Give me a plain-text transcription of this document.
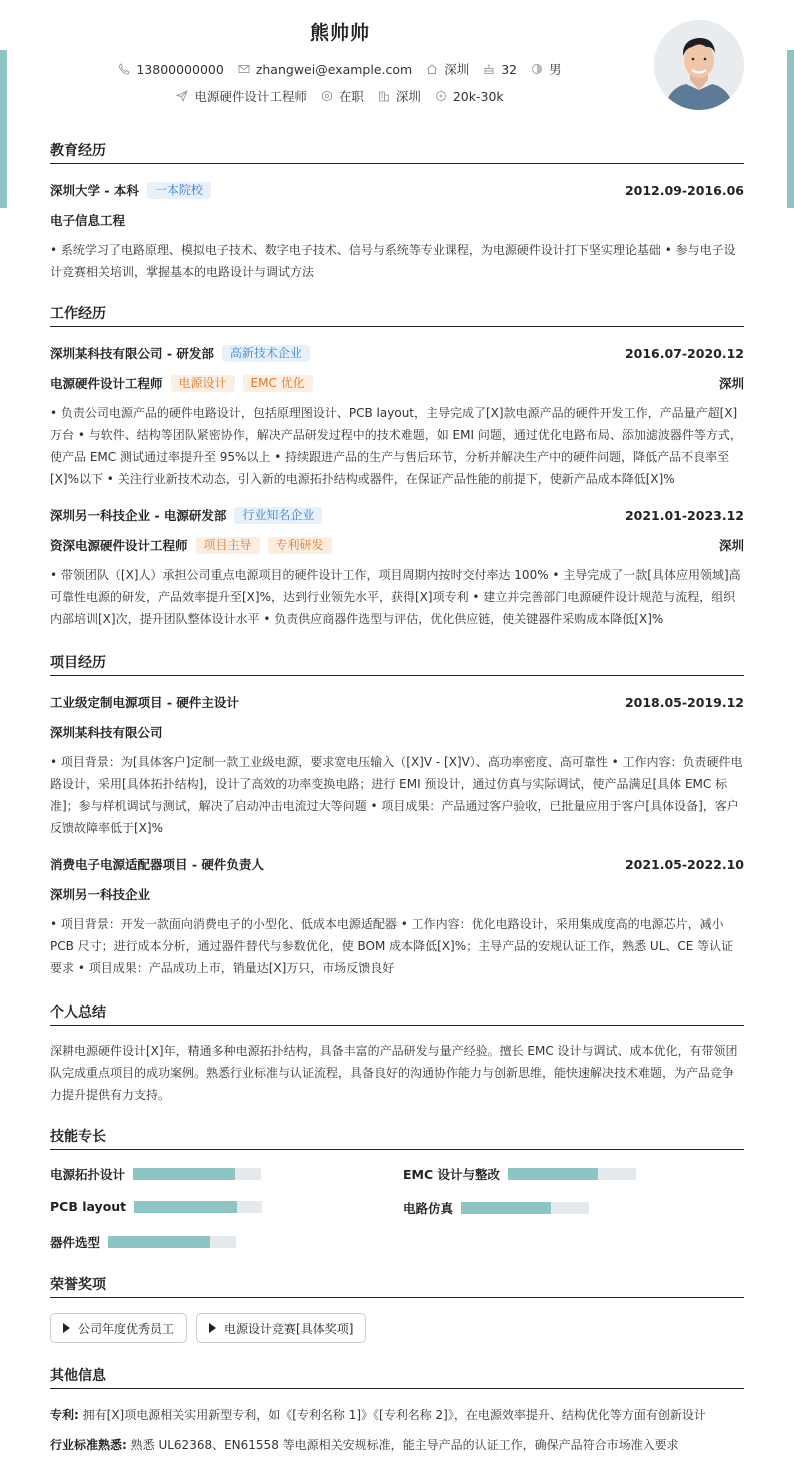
熊帅帅
13800000000	zhangwei@example.com	深圳	32	男
电源硬件设计工程师	在职	深圳	20k-30k
教育经历
深圳大学 - 本科	一本院校	2012.09-2016.06
电子信息工程
• 系统学习了电路原理、模拟电子技术、数字电子技术、信号与系统等专业课程，为电源硬件设计打下坚实理论基础 • 参与电子设计竞赛相关培训，掌握基本的电路设计与调试方法
工作经历
深圳某科技有限公司 - 研发部	高新技术企业	2016.07-2020.12
电源硬件设计工程师	电源设计	EMC 优化	深圳
• 负责公司电源产品的硬件电路设计，包括原理图设计、PCB layout，主导完成了[X]款电源产品的硬件开发工作，产品量产超[X]万台 • 与软件、结构等团队紧密协作，解决产品研发过程中的技术难题，如 EMI 问题，通过优化电路布局、添加滤波器件等方式，使产品 EMC 测试通过率提升至 95%以上 • 持续跟进产品的生产与售后环节，分析并解决生产中的硬件问题，降低产品不良率至[X]%以下 • 关注行业新技术动态，引入新的电源拓扑结构或器件，在保证产品性能的前提下，使新产品成本降低[X]%
深圳另一科技企业 - 电源研发部	行业知名企业	2021.01-2023.12
资深电源硬件设计工程师	项目主导	专利研发	深圳
• 带领团队（[X]人）承担公司重点电源项目的硬件设计工作，项目周期内按时交付率达 100% • 主导完成了一款[具体应用领域]高可靠性电源的研发，产品效率提升至[X]%，达到行业领先水平，获得[X]项专利 • 建立并完善部门电源硬件设计规范与流程，组织内部培训[X]次，提升团队整体设计水平 • 负责供应商器件选型与评估，优化供应链，使关键器件采购成本降低[X]%
项目经历
工业级定制电源项目 - 硬件主设计	2018.05-2019.12
深圳某科技有限公司
• 项目背景：为[具体客户]定制一款工业级电源，要求宽电压输入（[X]V - [X]V）、高功率密度、高可靠性 • 工作内容：负责硬件电路设计，采用[具体拓扑结构]，设计了高效的功率变换电路；进行 EMI 预设计，通过仿真与实际调试，使产品满足[具体 EMC 标准]；参与样机调试与测试，解决了启动冲击电流过大等问题 • 项目成果：产品通过客户验收，已批量应用于客户[具体设备]，客户反馈故障率低于[X]%
消费电子电源适配器项目 - 硬件负责人	2021.05-2022.10
深圳另一科技企业
• 项目背景：开发一款面向消费电子的小型化、低成本电源适配器 • 工作内容：优化电路设计，采用集成度高的电源芯片，减小 PCB 尺寸；进行成本分析，通过器件替代与参数优化，使 BOM 成本降低[X]%；主导产品的安规认证工作，熟悉 UL、CE 等认证要求 • 项目成果：产品成功上市，销量达[X]万只，市场反馈良好
个人总结
深耕电源硬件设计[X]年，精通多种电源拓扑结构，具备丰富的产品研发与量产经验。擅长 EMC 设计与调试、成本优化，有带领团队完成重点项目的成功案例。熟悉行业标准与认证流程，具备良好的沟通协作能力与创新思维，能快速解决技术难题，为产品竞争力提升提供有力支持。
技能专长
电源拓扑设计	EMC 设计与整改
PCB layout	电路仿真
器件选型
荣誉奖项
公司年度优秀员工	电源设计竞赛[具体奖项]
其他信息
专利: 拥有[X]项电源相关实用新型专利，如《[专利名称 1]》《[专利名称 2]》，在电源效率提升、结构优化等方面有创新设计
行业标准熟悉: 熟悉 UL62368、EN61558 等电源相关安规标准，能主导产品的认证工作，确保产品符合市场准入要求
